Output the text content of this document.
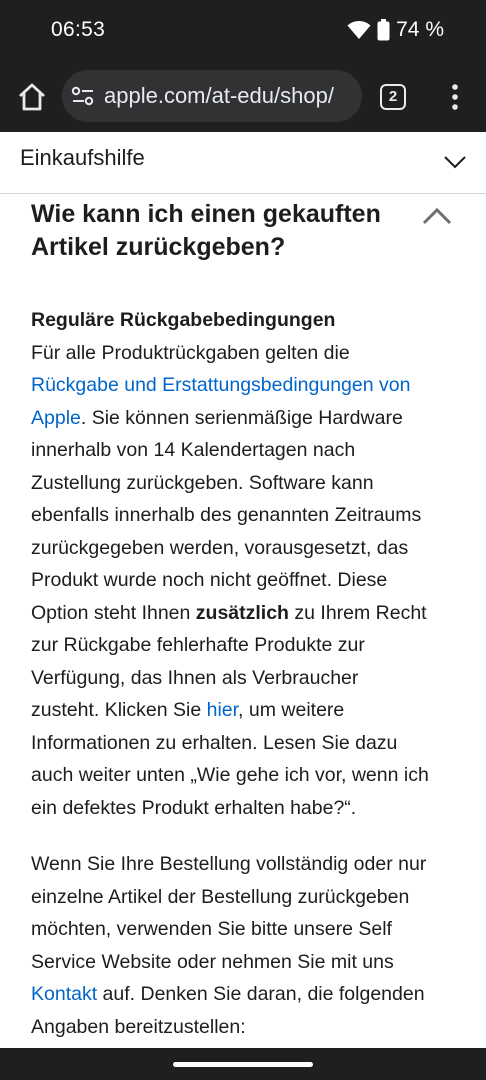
06:53	74 %
apple.com/at-edu/shop/	2
Einkaufshilfe
Wie kann ich einen gekauften
Artikel zurückgeben?

Reguläre Rückgabebedingungen
Für alle Produktrückgaben gelten die
Rückgabe und Erstattungsbedingungen von
Apple. Sie können serienmäßige Hardware
innerhalb von 14 Kalendertagen nach
Zustellung zurückgeben. Software kann
ebenfalls innerhalb des genannten Zeitraums
zurückgegeben werden, vorausgesetzt, das
Produkt wurde noch nicht geöffnet. Diese
Option steht Ihnen zusätzlich zu Ihrem Recht
zur Rückgabe fehlerhafte Produkte zur
Verfügung, das Ihnen als Verbraucher
zusteht. Klicken Sie hier, um weitere
Informationen zu erhalten. Lesen Sie dazu
auch weiter unten „Wie gehe ich vor, wenn ich
ein defektes Produkt erhalten habe?“.

Wenn Sie Ihre Bestellung vollständig oder nur
einzelne Artikel der Bestellung zurückgeben
möchten, verwenden Sie bitte unsere Self
Service Website oder nehmen Sie mit uns
Kontakt auf. Denken Sie daran, die folgenden
Angaben bereitzustellen:
